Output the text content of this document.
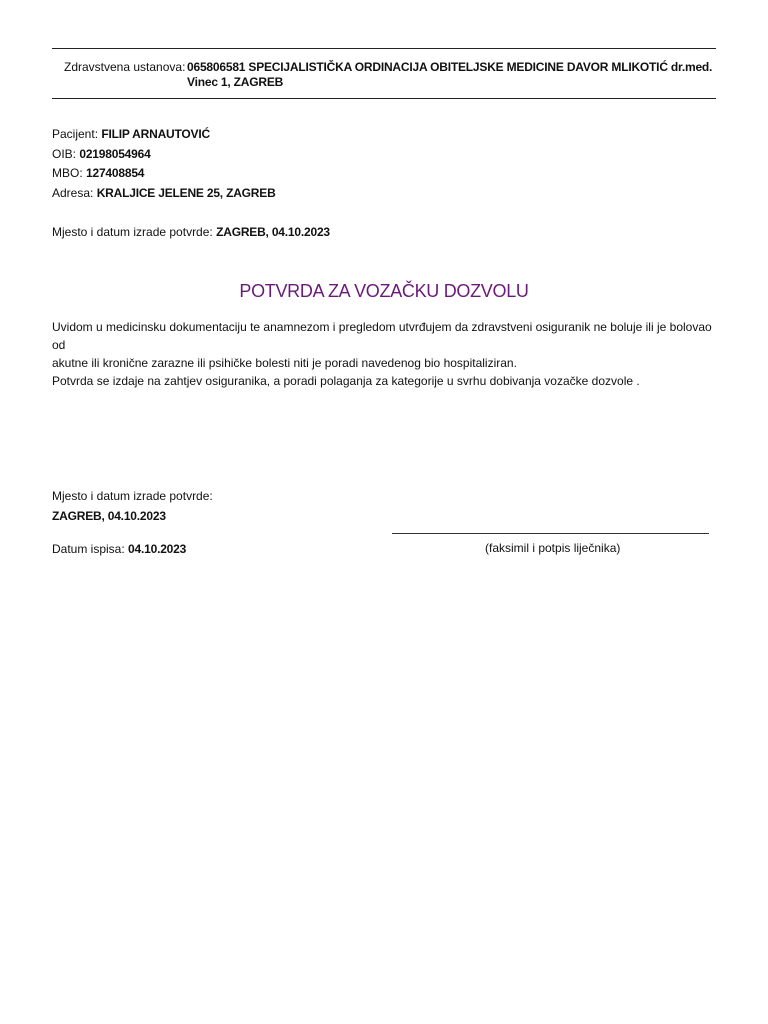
Zdravstvena ustanova: 065806581 SPECIJALISTIČKA ORDINACIJA OBITELJSKE MEDICINE DAVOR MLIKOTIĆ dr.med.
Vinec 1, ZAGREB
Pacijent: FILIP ARNAUTOVIĆ
OIB: 02198054964
MBO: 127408854
Adresa: KRALJICE JELENE 25, ZAGREB
Mjesto i datum izrade potvrde: ZAGREB, 04.10.2023
POTVRDA ZA VOZAČKU DOZVOLU
Uvidom u medicinsku dokumentaciju te anamnezom i pregledom utvrđujem da zdravstveni osiguranik ne boluje ili je bolovao od
akutne ili kronične zarazne ili psihičke bolesti niti je poradi navedenog bio hospitaliziran.
Potvrda se izdaje na zahtjev osiguranika, a poradi polaganja za kategorije u svrhu dobivanja vozačke dozvole .
Mjesto i datum izrade potvrde:
ZAGREB, 04.10.2023
Datum ispisa: 04.10.2023	(faksimil i potpis liječnika)
